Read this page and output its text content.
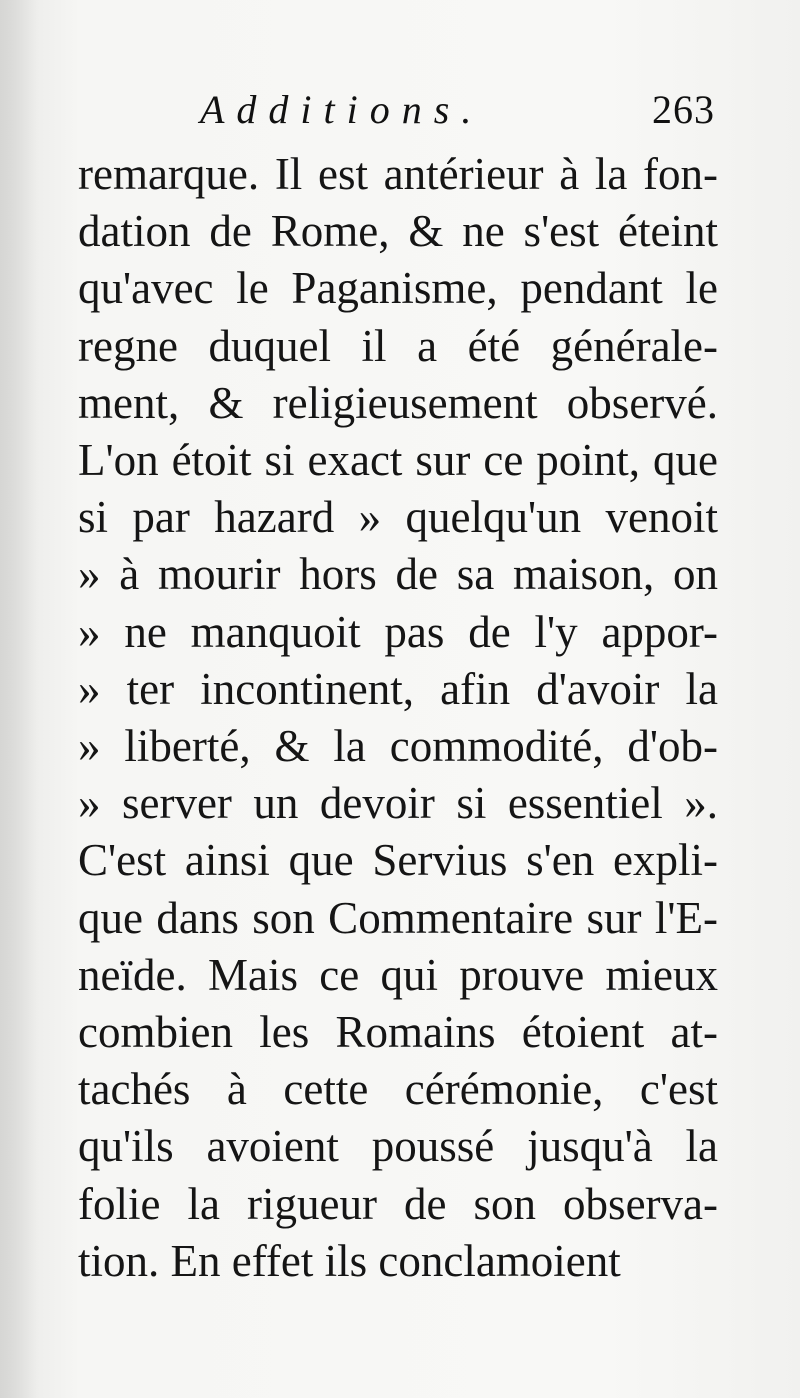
Additions.	263
remarque. Il est antérieur à la fon-
dation de Rome, & ne s'est éteint
qu'avec le Paganisme, pendant le
regne duquel il a été générale-
ment, & religieusement observé.
L'on étoit si exact sur ce point, que
si par hazard » quelqu'un venoit
» à mourir hors de sa maison, on
» ne manquoit pas de l'y appor-
» ter incontinent, afin d'avoir la
» liberté, & la commodité, d'ob-
» server un devoir si essentiel ».
C'est ainsi que Servius s'en expli-
que dans son Commentaire sur l'E-
neïde. Mais ce qui prouve mieux
combien les Romains étoient at-
tachés à cette cérémonie, c'est
qu'ils avoient poussé jusqu'à la
folie la rigueur de son observa-
tion. En effet ils conclamoient
